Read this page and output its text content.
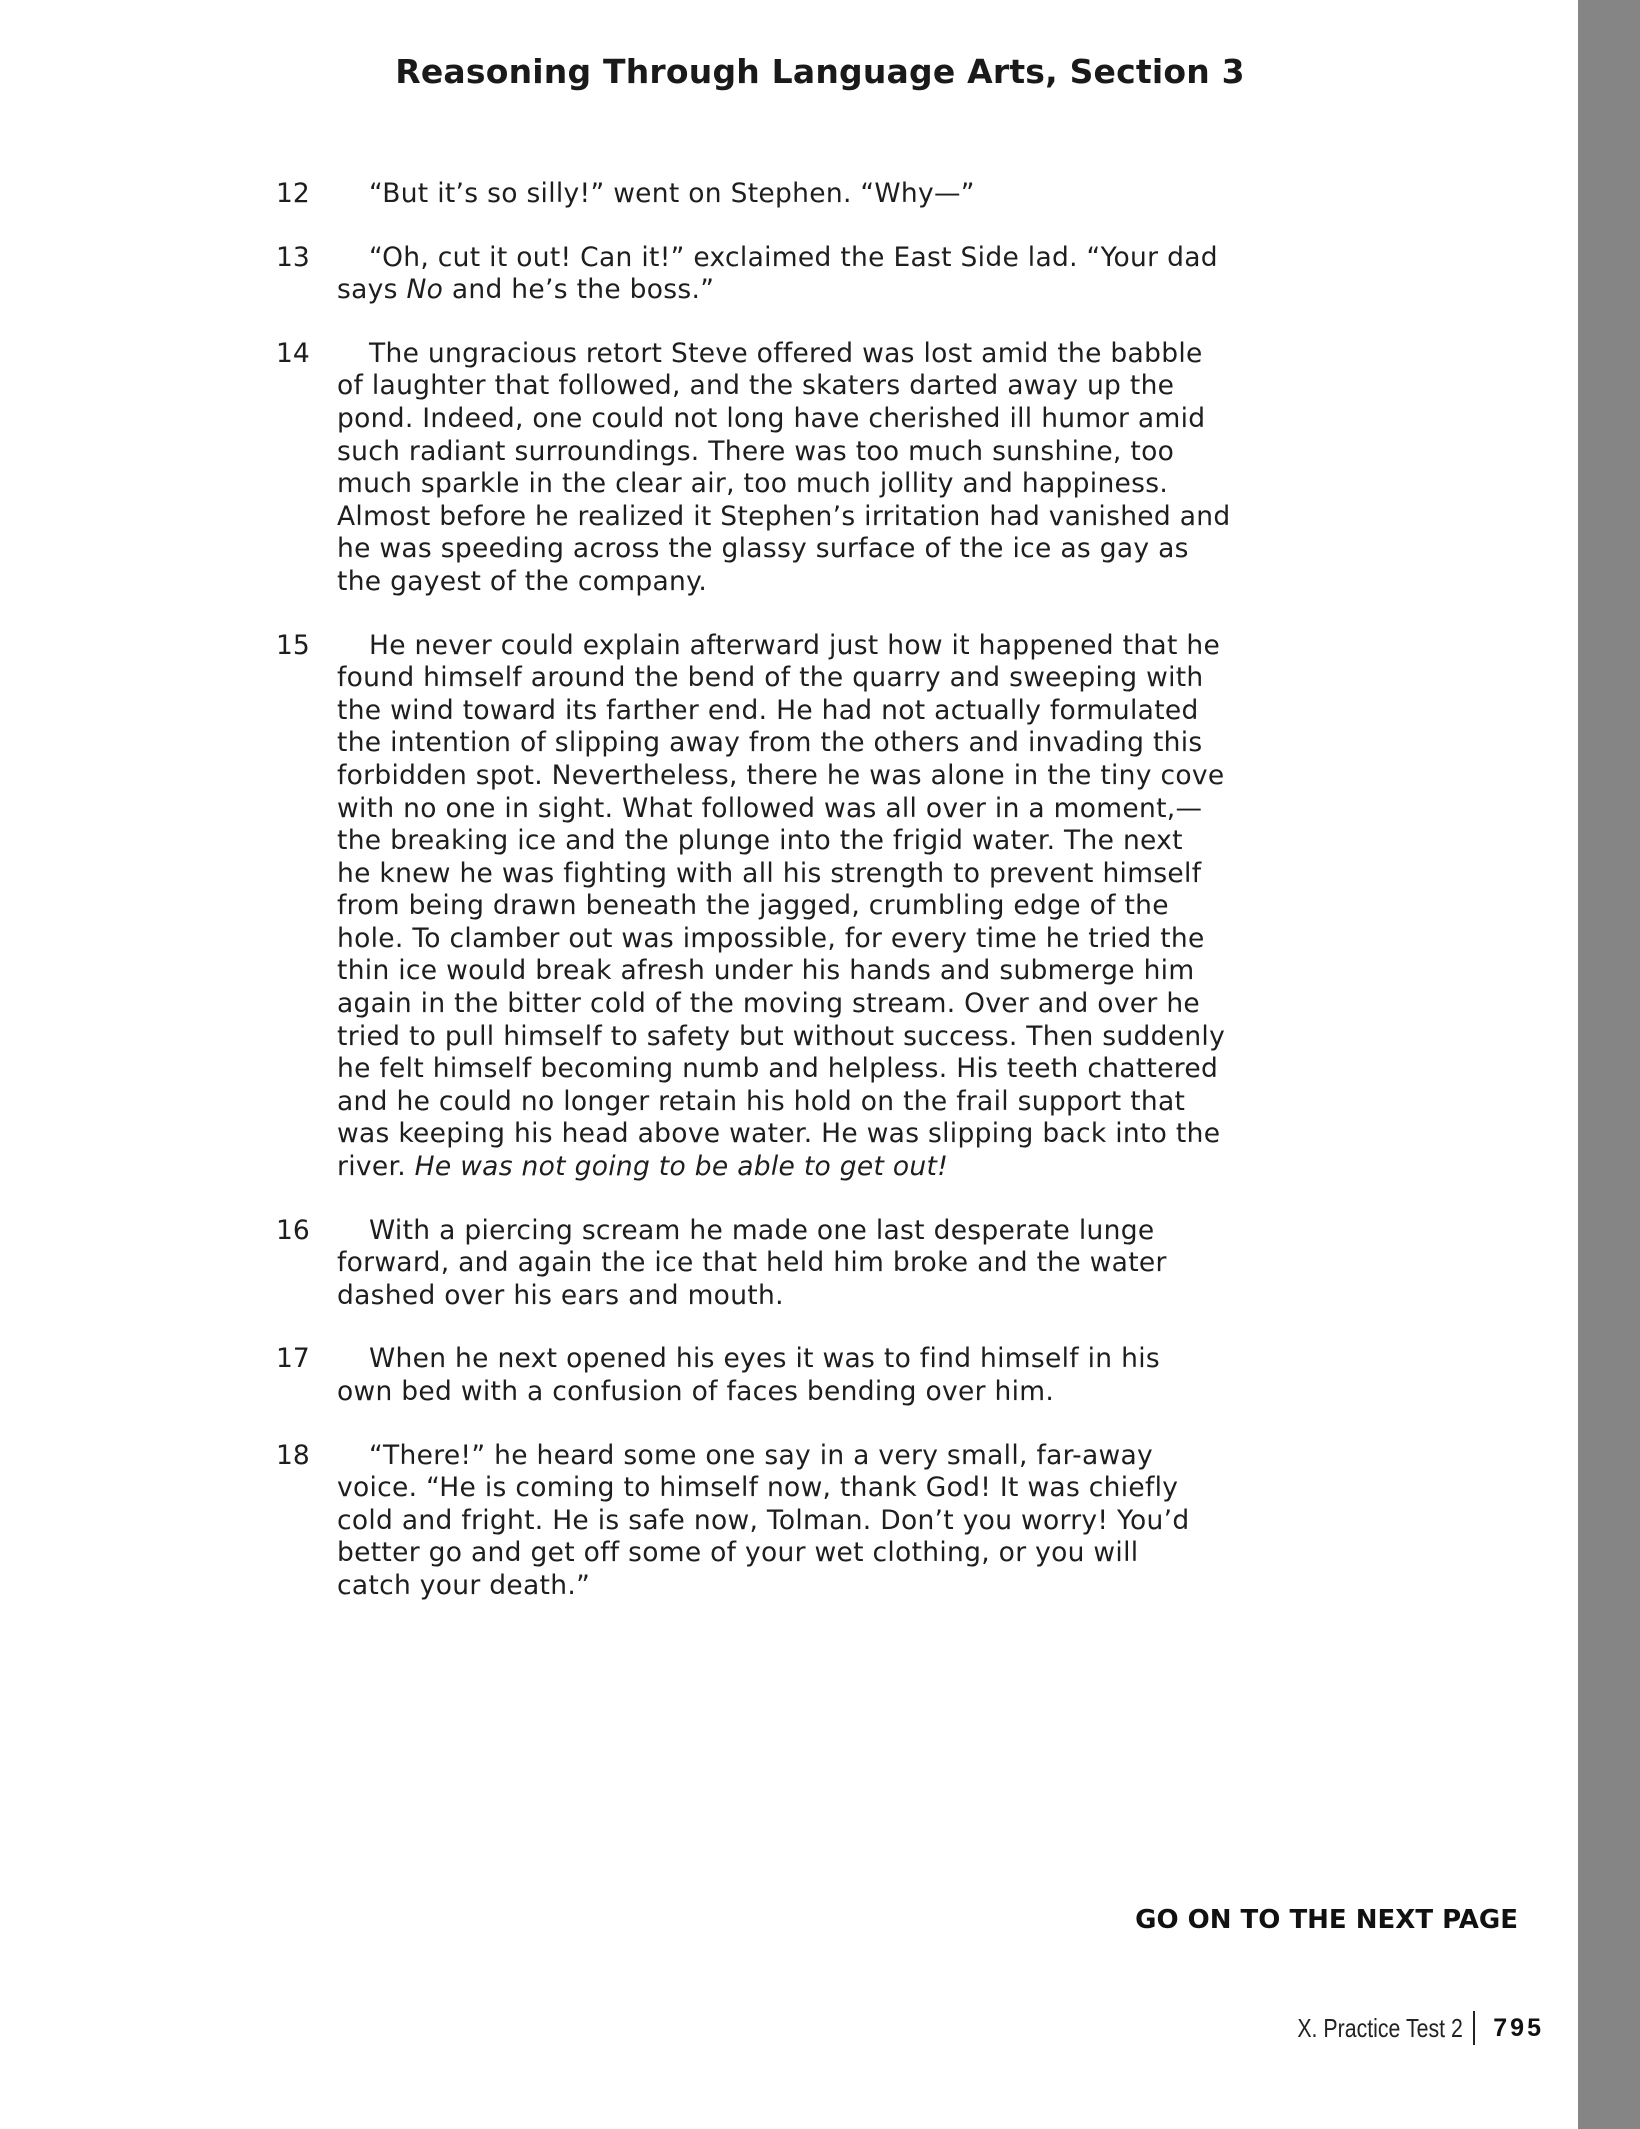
Reasoning Through Language Arts, Section 3
12	“But it’s so silly!” went on Stephen. “Why—”
13	“Oh, cut it out! Can it!” exclaimed the East Side lad. “Your dad
says No and he’s the boss.”
14	The ungracious retort Steve offered was lost amid the babble
of laughter that followed, and the skaters darted away up the
pond. Indeed, one could not long have cherished ill humor amid
such radiant surroundings. There was too much sunshine, too
much sparkle in the clear air, too much jollity and happiness.
Almost before he realized it Stephen’s irritation had vanished and
he was speeding across the glassy surface of the ice as gay as
the gayest of the company.
15	He never could explain afterward just how it happened that he
found himself around the bend of the quarry and sweeping with
the wind toward its farther end. He had not actually formulated
the intention of slipping away from the others and invading this
forbidden spot. Nevertheless, there he was alone in the tiny cove
with no one in sight. What followed was all over in a moment,—
the breaking ice and the plunge into the frigid water. The next
he knew he was fighting with all his strength to prevent himself
from being drawn beneath the jagged, crumbling edge of the
hole. To clamber out was impossible, for every time he tried the
thin ice would break afresh under his hands and submerge him
again in the bitter cold of the moving stream. Over and over he
tried to pull himself to safety but without success. Then suddenly
he felt himself becoming numb and helpless. His teeth chattered
and he could no longer retain his hold on the frail support that
was keeping his head above water. He was slipping back into the
river. He was not going to be able to get out!
16	With a piercing scream he made one last desperate lunge
forward, and again the ice that held him broke and the water
dashed over his ears and mouth.
17	When he next opened his eyes it was to find himself in his
own bed with a confusion of faces bending over him.
18	“There!” he heard some one say in a very small, far-away
voice. “He is coming to himself now, thank God! It was chiefly
cold and fright. He is safe now, Tolman. Don’t you worry! You’d
better go and get off some of your wet clothing, or you will
catch your death.”
GO ON TO THE NEXT PAGE
X. Practice Test 2 795
